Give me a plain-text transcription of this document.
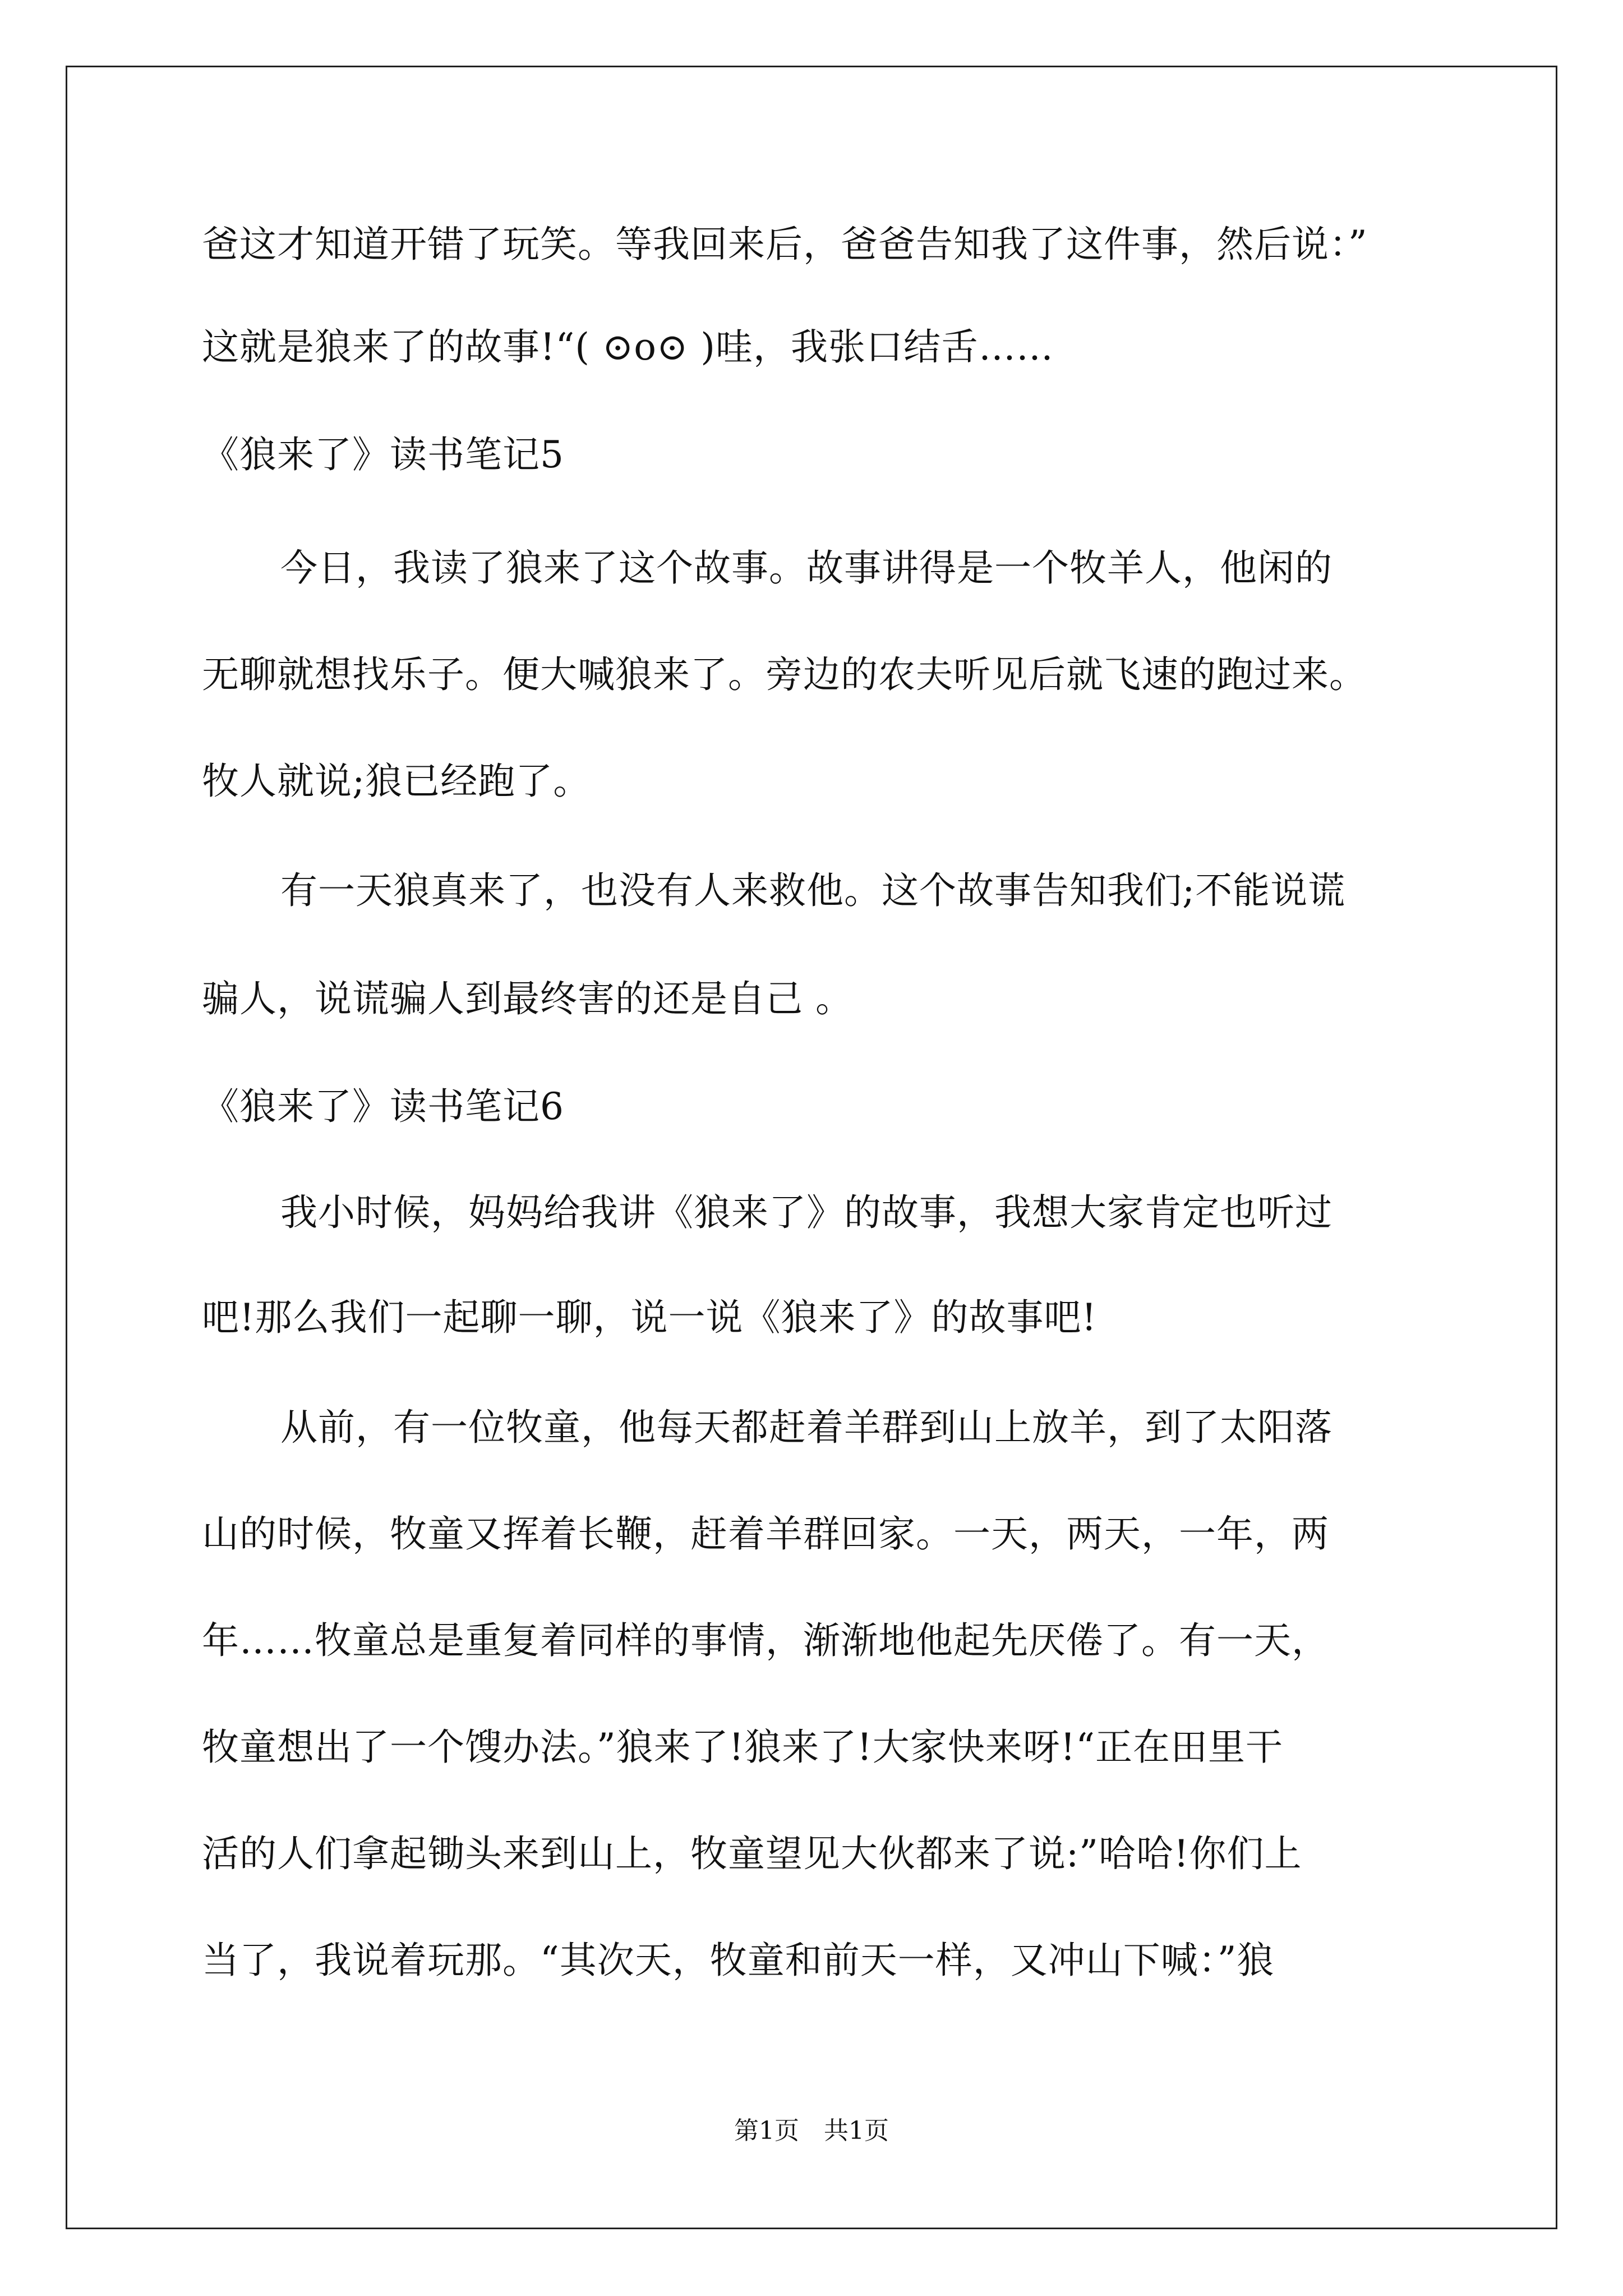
爸这才知道开错了玩笑。等我回来后，爸爸告知我了这件事，然后说：”
这就是狼来了的故事!“( ⊙o⊙ )哇，我张口结舌……
《狼来了》读书笔记5
今日，我读了狼来了这个故事。故事讲得是一个牧羊人，他闲的
无聊就想找乐子。便大喊狼来了。旁边的农夫听见后就飞速的跑过来。
牧人就说;狼已经跑了。
有一天狼真来了，也没有人来救他。这个故事告知我们;不能说谎
骗人，说谎骗人到最终害的还是自己 。
《狼来了》读书笔记6
我小时候，妈妈给我讲《狼来了》的故事，我想大家肯定也听过
吧!那么我们一起聊一聊，说一说《狼来了》的故事吧!
从前，有一位牧童，他每天都赶着羊群到山上放羊，到了太阳落
山的时候，牧童又挥着长鞭，赶着羊群回家。一天，两天，一年，两
年……牧童总是重复着同样的事情，渐渐地他起先厌倦了。有一天，
牧童想出了一个馊办法。”狼来了!狼来了!大家快来呀!“正在田里干
活的人们拿起锄头来到山上，牧童望见大伙都来了说:”哈哈!你们上
当了，我说着玩那。“其次天，牧童和前天一样，又冲山下喊：”狼
第1页　共1页
